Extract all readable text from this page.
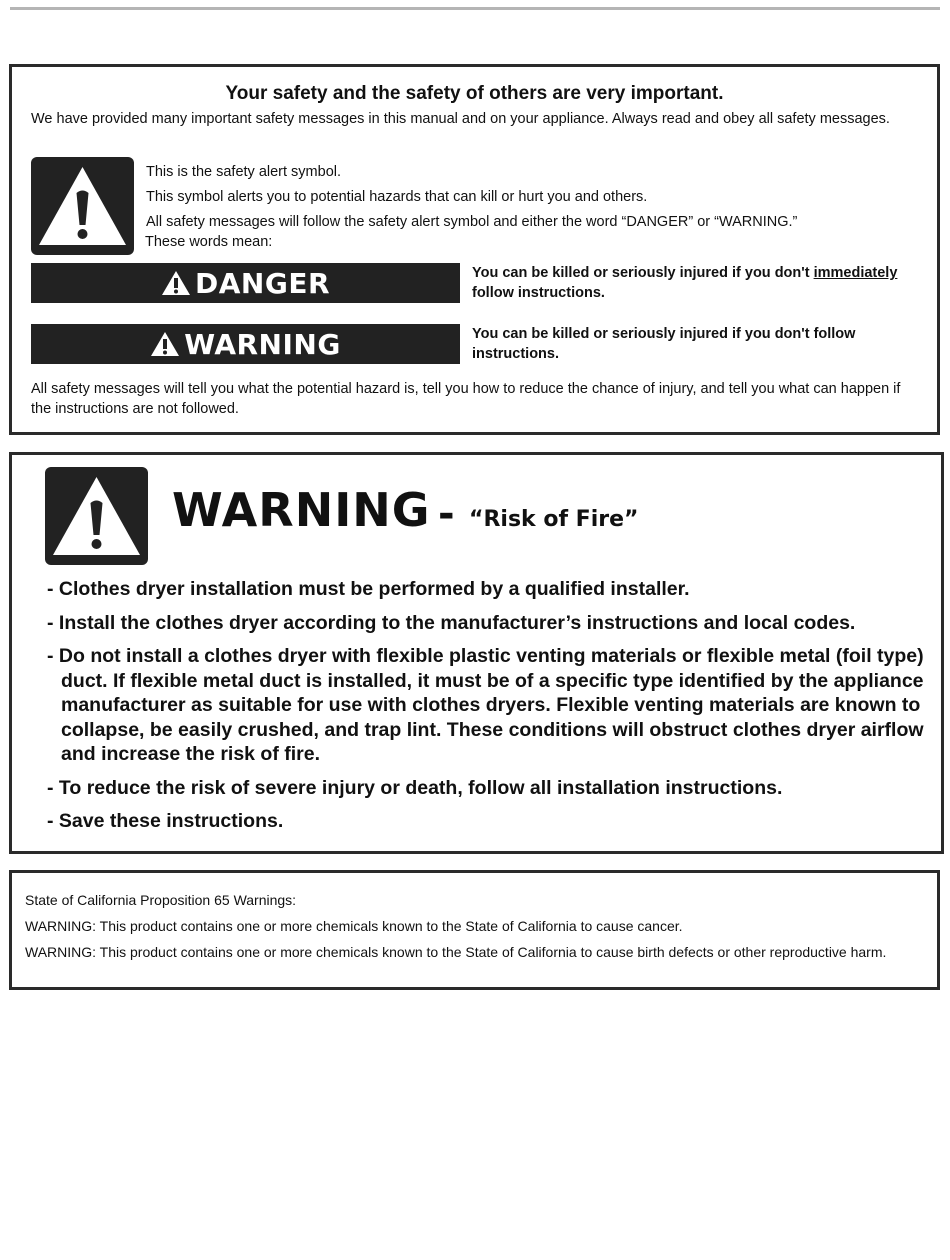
Your safety and the safety of others are very important.
We have provided many important safety messages in this manual and on your appliance. Always read and obey all safety messages.
This is the safety alert symbol.
This symbol alerts you to potential hazards that can kill or hurt you and others.
All safety messages will follow the safety alert symbol and either the word “DANGER” or “WARNING.”
These words mean:
DANGER	You can be killed or seriously injured if you don't immediately
follow instructions.
WARNING	You can be killed or seriously injured if you don't follow instructions.
All safety messages will tell you what the potential hazard is, tell you how to reduce the chance of injury, and tell you what can happen if the instructions are not followed.
WARNING - “Risk of Fire”
- Clothes dryer installation must be performed by a qualified installer.
- Install the clothes dryer according to the manufacturer’s instructions and local codes.
- Do not install a clothes dryer with flexible plastic venting materials or flexible metal (foil type) duct. If flexible metal duct is installed, it must be of a specific type identified by the appliance manufacturer as suitable for use with clothes dryers. Flexible venting materials are known to collapse, be easily crushed, and trap lint. These conditions will obstruct clothes dryer airflow and increase the risk of fire.
- To reduce the risk of severe injury or death, follow all installation instructions.
- Save these instructions.
State of California Proposition 65 Warnings:
WARNING: This product contains one or more chemicals known to the State of California to cause cancer.
WARNING: This product contains one or more chemicals known to the State of California to cause birth defects or other reproductive harm.
